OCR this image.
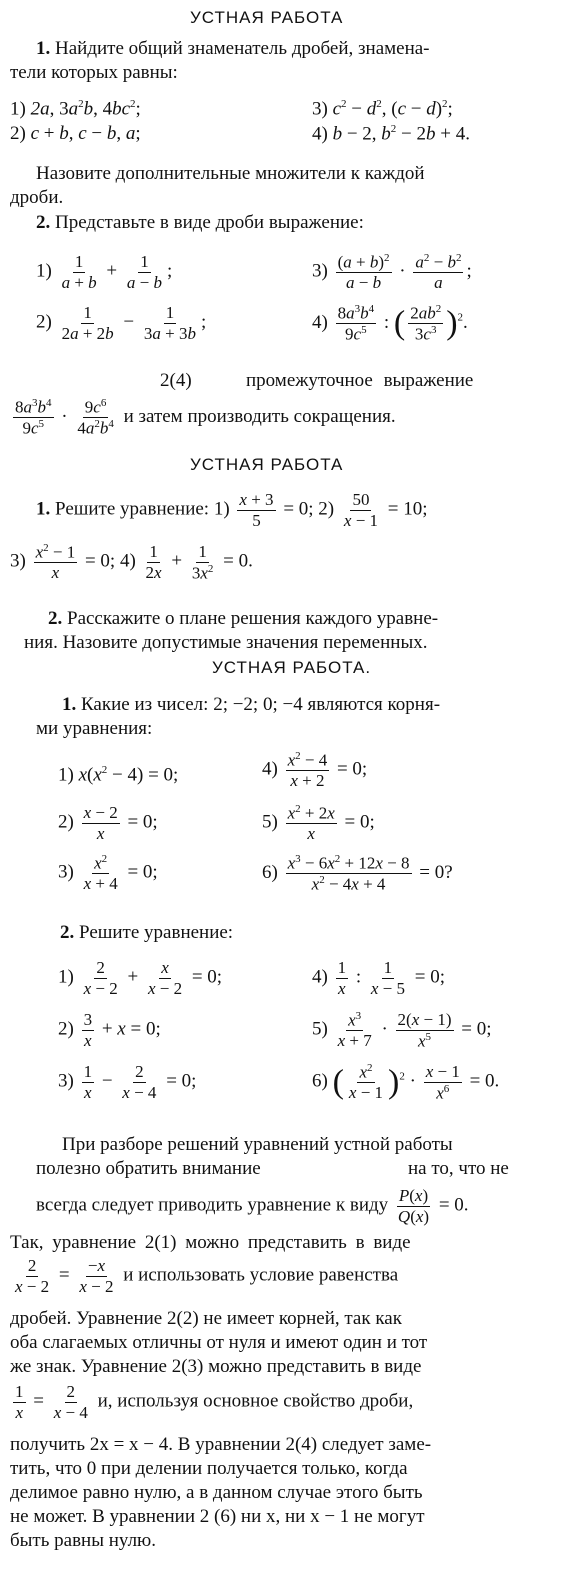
УСТНАЯ РАБОТА
1. Найдите общий знаменатель дробей, знамена-
тели которых равны:
1) 2a, $3a^2b$, $4bc^2$;	3) $c^2 - d^2$, $(c - d)^2$;
2) c + b, c − b, a;	4) b − 2, $b^2 - 2b + 4$.
Назовите дополнительные множители к каждой
дроби.
2. Представьте в виде дроби выражение:
$1) \frac{1}{a + b} + \frac{1}{a - b}$ ;	$3) \frac{(a + b)^2}{a - b} \cdot \frac{a^2 - b^2}{a}$ ;
$2) \frac{1}{2a + 2b} - \frac{1}{3a + 3b}$ ;	$4) \frac{8a^3b^4}{9c^5}$ : ( $\frac{2ab^2}{3c^3} )^2$.
2(4)	промежуточное выражение
$\frac{8a^3b^4}{9c^5} \cdot \frac{9c^6}{4a^2b^4}$ и затем производить сокращения.
УСТНАЯ РАБОТА
1. Решите уравнение: $1) \frac{x + 3}{5} = 0$; $2) \frac{50}{x - 1} = 10$;
$3) \frac{x^2 - 1}{x} = 0$; $4) \frac{1}{2x} + \frac{1}{3x^2} = 0$.
2. Расскажите о плане решения каждого уравне-
ния. Назовите допустимые значения переменных.
УСТНАЯ РАБОТА.
1. Какие из чисел: 2; −2; 0; −4 являются корня-
ми уравнения:
1) $x(x^2 - 4) = 0$;	$4) \frac{x^2 - 4}{x + 2} = 0$;
$2) \frac{x - 2}{x} = 0$;	$5) \frac{x^2 + 2x}{x} = 0$;
$3) \frac{x^2}{x + 4} = 0$;	$6) \frac{x^3 - 6x^2 + 12x - 8}{x^2 - 4x + 4} = 0$?
2. Решите уравнение:
$1) \frac{2}{x - 2} + \frac{x}{x - 2} = 0$;	$4) \frac{1}{x}$ : $\frac{1}{x - 5} = 0$;
$2) \frac{3}{x} + x = 0$;	$5) \frac{x^3}{x + 7} \cdot \frac{2(x - 1)}{x^5} = 0$;
$3) \frac{1}{x} - \frac{2}{x - 4} = 0$;	6) ( $\frac{x^2}{x - 1} )^2 \cdot \frac{x - 1}{x^6} = 0$.
При разборе решений уравнений устной работы
полезно обратить внимание	на то, что не
всегда следует приводить уравнение к виду $\frac{P(x)}{Q(x)} = 0$.
Так, уравнение 2(1) можно представить в виде
$\frac{2}{x - 2} = \frac{-x}{x - 2}$ и использовать условие равенства
дробей. Уравнение 2(2) не имеет корней, так как
оба слагаемых отличны от нуля и имеют один и тот
же знак. Уравнение 2(3) можно представить в виде
$\frac{1}{x} = \frac{2}{x - 4} и$, используя основное свойство дроби,
получить 2x = x − 4. В уравнении 2(4) следует заме-
тить, что 0 при делении получается только, когда
делимое равно нулю, а в данном случае этого быть
не может. В уравнении 2 (6) ни x, ни x − 1 не могут
быть равны нулю.
